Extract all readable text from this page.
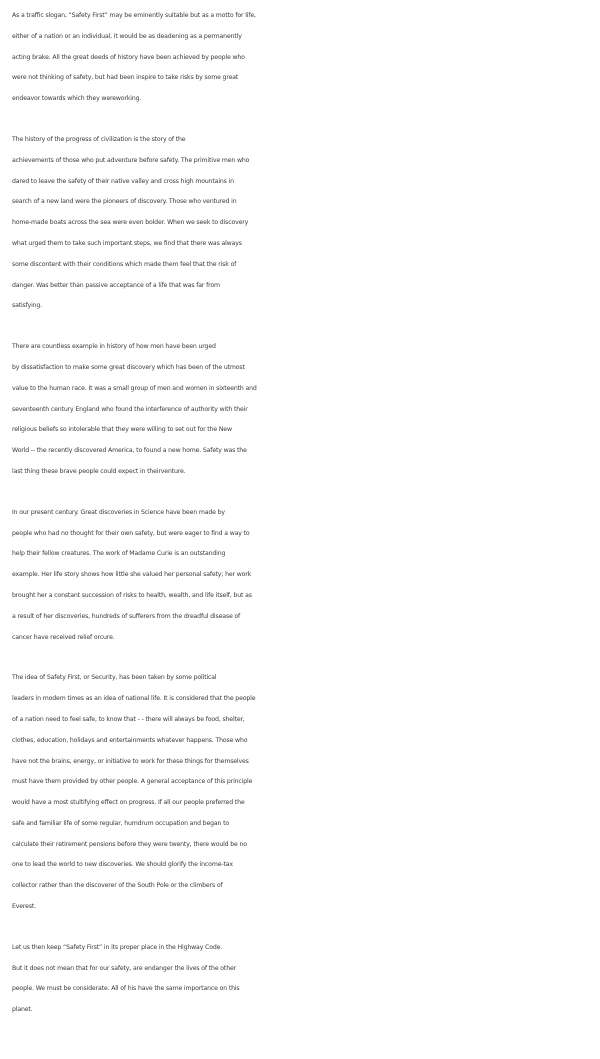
As a traffic slogan, “Safety First” may be eminently suitable but as a motto for life,
either of a nation or an individual, it would be as deadening as a permanently
acting brake. All the great deeds of history have been achieved by people who
were not thinking of safety, but had been inspire to take risks by some great
endeavor towards which they wereworking.

The history of the progress of civilization is the story of the
achievements of those who put adventure before safety. The primitive men who
dared to leave the safety of their native valley and cross high mountains in
search of a new land were the pioneers of discovery. Those who ventured in
home-made boats across the sea were even bolder. When we seek to discovery
what urged them to take such important steps, we find that there was always
some discontent with their conditions which made them feel that the risk of
danger. Was better than passive acceptance of a life that was far from
satisfying.

There are countless example in history of how men have been urged
by dissatisfaction to make some great discovery which has been of the utmost
value to the human race. It was a small group of men and women in sixteenth and
seventeenth century England who found the interference of authority with their
religious beliefs so intolerable that they were willing to set out for the New
World -- the recently discovered America, to found a new home. Safety was the
last thing these brave people could expect in theirventure.

In our present century. Great discoveries in Science have been made by
people who had no thought for their own safety, but were eager to find a way to
help their fellow creatures. The work of Madame Curie is an outstanding
example. Her life story shows how little she valued her personal safety; her work
brought her a constant succession of risks to health, wealth, and life itself, but as
a result of her discoveries, hundreds of sufferers from the dreadful disease of
cancer have received relief orcure.

The idea of Safety First, or Security, has been taken by some political
leaders in modem times as an idea of national life. It is considered that the people
of a nation need to feel safe, to know that - - there will always be food, shelter,
clothes, education, holidays and entertainments whatever happens. Those who
have not the brains, energy, or initiative to work for these things for themselves
must have them provided by other people. A general acceptance of this principle
would have a most stultifying effect on progress. If all our people preferred the
safe and familiar life of some regular, humdrum occupation and began to
calculate their retirement pensions before they were twenty, there would be no
one to lead the world to new discoveries. We should glorify the income-tax
collector rather than the discoverer of the South Pole or the climbers of
Everest.

Let us then keep “Safety First” in its proper place in the Highway Code.
But it does not mean that for our safety, are endanger the lives of the other
people. We must be considerate. All of his have the same importance on this
planet.
